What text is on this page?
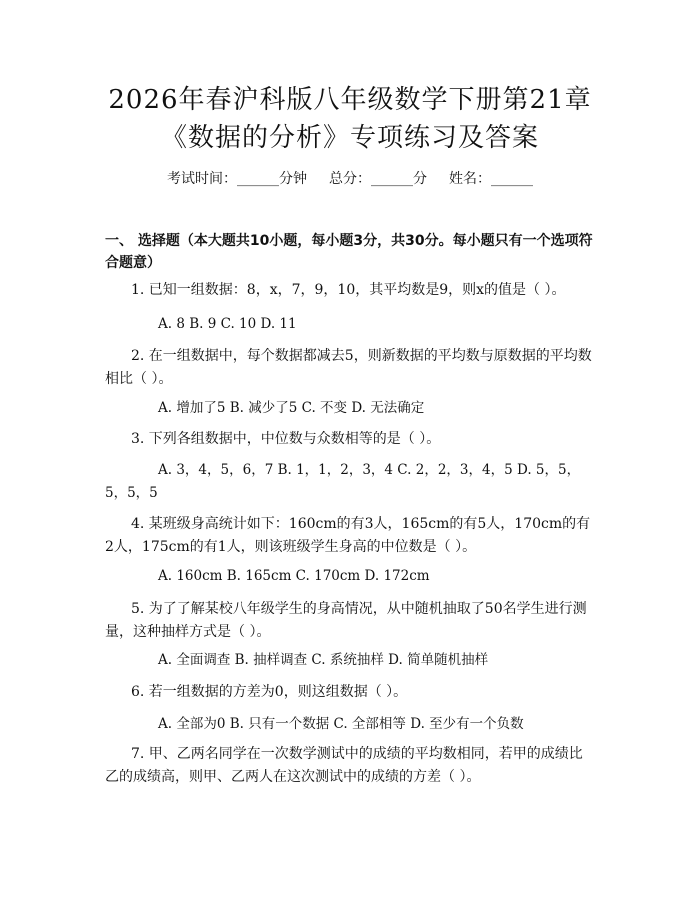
2026年春沪科版八年级数学下册第21章
《数据的分析》专项练习及答案
考试时间：______分钟 总分：______分 姓名：______
一、 选择题（本大题共10小题，每小题3分，共30分。每小题只有一个选项符合题意）
1. 已知一组数据：8，x，7，9，10，其平均数是9，则x的值是（ ）。
A. 8 B. 9 C. 10 D. 11
2. 在一组数据中，每个数据都减去5，则新数据的平均数与原数据的平均数相比（ ）。
A. 增加了5 B. 减少了5 C. 不变 D. 无法确定
3. 下列各组数据中，中位数与众数相等的是（ ）。
A. 3，4，5，6，7 B. 1，1，2，3，4 C. 2，2，3，4，5 D. 5，5，5，5，5
4. 某班级身高统计如下：160cm的有3人，165cm的有5人，170cm的有2人，175cm的有1人，则该班级学生身高的中位数是（ ）。
A. 160cm B. 165cm C. 170cm D. 172cm
5. 为了了解某校八年级学生的身高情况，从中随机抽取了50名学生进行测量，这种抽样方式是（ ）。
A. 全面调查 B. 抽样调查 C. 系统抽样 D. 简单随机抽样
6. 若一组数据的方差为0，则这组数据（ ）。
A. 全部为0 B. 只有一个数据 C. 全部相等 D. 至少有一个负数
7. 甲、乙两名同学在一次数学测试中的成绩的平均数相同，若甲的成绩比乙的成绩高，则甲、乙两人在这次测试中的成绩的方差（ ）。
